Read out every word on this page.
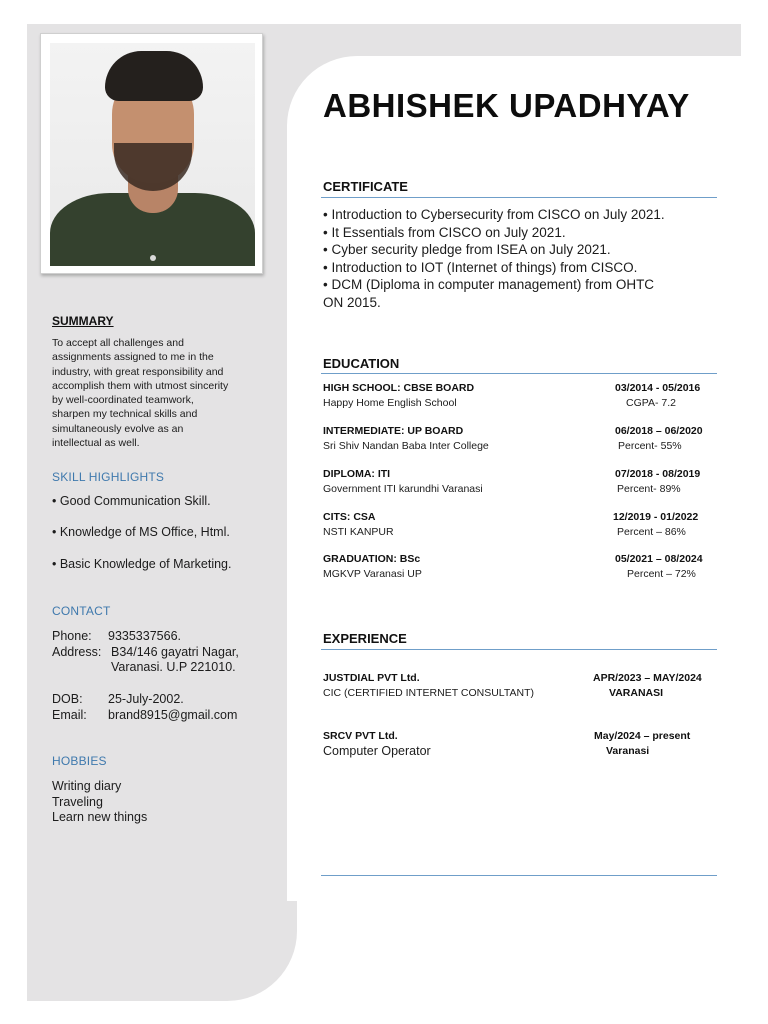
SUMMARY
To accept all challenges and
assignments assigned to me in the
industry, with great responsibility and
accomplish them with utmost sincerity
by well-coordinated teamwork,
sharpen my technical skills and
simultaneously evolve as an
intellectual as well.
SKILL HIGHLIGHTS
• Good Communication Skill.
• Knowledge of MS Office, Html.
• Basic Knowledge of Marketing.
CONTACT
Phone: 9335337566.
Address: B34/146 gayatri Nagar,
Varanasi. U.P 221010.
DOB: 25-July-2002.
Email: brand8915@gmail.com
HOBBIES
Writing diary
Traveling
Learn new things
ABHISHEK UPADHYAY
CERTIFICATE
• Introduction to Cybersecurity from CISCO on July 2021.
• It Essentials from CISCO on July 2021.
• Cyber security pledge from ISEA on July 2021.
• Introduction to IOT (Internet of things) from CISCO.
• DCM (Diploma in computer management) from OHTC
ON 2015.
EDUCATION
HIGH SCHOOL: CBSE BOARD
Happy Home English School
03/2014 - 05/2016
CGPA- 7.2
INTERMEDIATE: UP BOARD
Sri Shiv Nandan Baba Inter College
06/2018 – 06/2020
Percent- 55%
DIPLOMA: ITI
Government ITI karundhi Varanasi
07/2018 - 08/2019
Percent- 89%
CITS: CSA
NSTI KANPUR
12/2019 - 01/2022
Percent – 86%
GRADUATION: BSc
MGKVP Varanasi UP
05/2021 – 08/2024
Percent – 72%
EXPERIENCE
JUSTDIAL PVT Ltd.
CIC (CERTIFIED INTERNET CONSULTANT)
APR/2023 – MAY/2024
VARANASI
SRCV PVT Ltd.
Computer Operator
May/2024 – present
Varanasi
